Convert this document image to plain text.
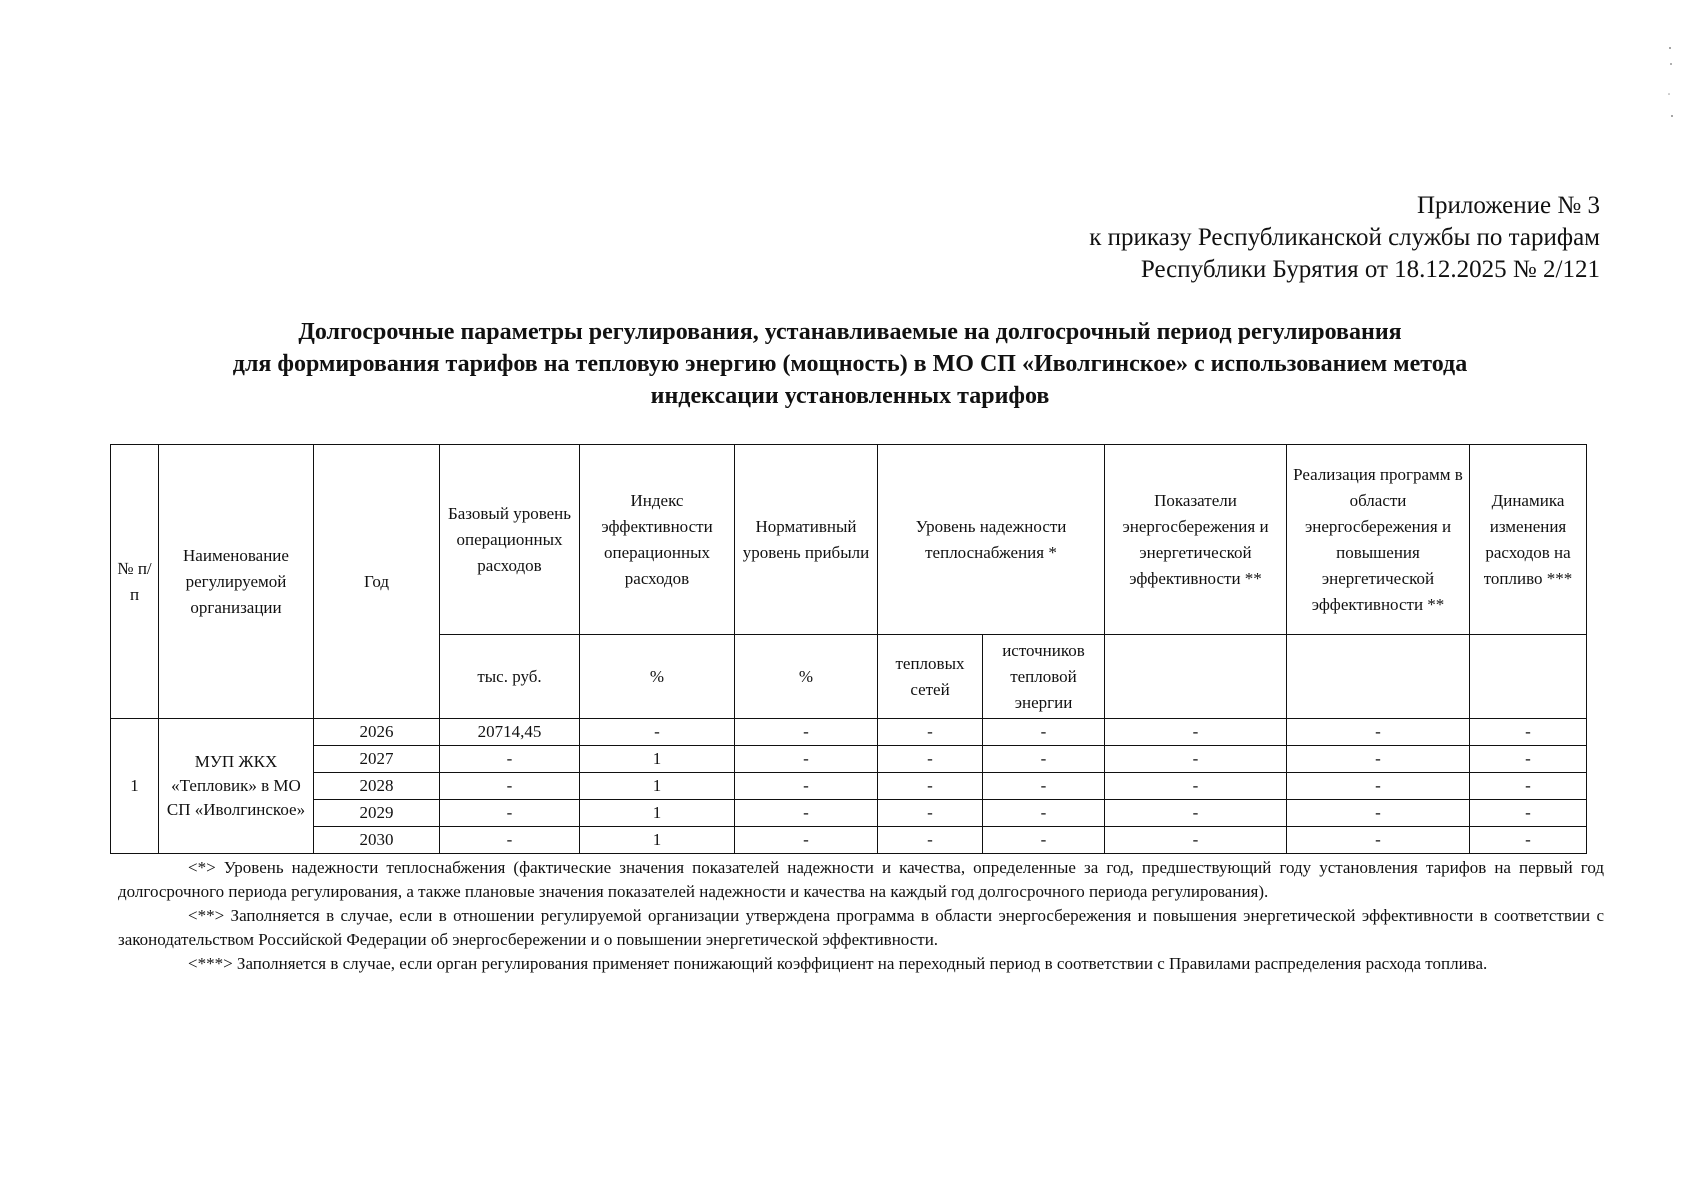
Приложение № 3
к приказу Республиканской службы по тарифам
Республики Бурятия от 18.12.2025 № 2/121
Долгосрочные параметры регулирования, устанавливаемые на долгосрочный период регулирования
для формирования тарифов на тепловую энергию (мощность) в МО СП «Иволгинское» с использованием метода
индексации установленных тарифов
№ п/п	Наименование регулируемой организации	Год	Базовый уровень операционных расходов	Индекс эффективности операционных расходов	Нормативный уровень прибыли	Уровень надежности теплоснабжения *		Показатели энергосбережения и энергетической эффективности **	Реализация программ в области энергосбережения и повышения энергетической эффективности **	Динамика изменения расходов на топливо ***
			тыс. руб.	%	%	тепловых сетей	источников тепловой энергии			
1	МУП ЖКХ «Тепловик» в МО СП «Иволгинское»	2026	20714,45	-	-	-	-	-	-	-
		2027	-	1	-	-	-	-	-	-
		2028	-	1	-	-	-	-	-	-
		2029	-	1	-	-	-	-	-	-
		2030	-	1	-	-	-	-	-	-

<*> Уровень надежности теплоснабжения (фактические значения показателей надежности и качества, определенные за год, предшествующий году установления тарифов на первый год долгосрочного периода регулирования, а также плановые значения показателей надежности и качества на каждый год долгосрочного периода регулирования).

<**> Заполняется в случае, если в отношении регулируемой организации утверждена программа в области энергосбережения и повышения энергетической эффективности в соответствии с законодательством Российской Федерации об энергосбережении и о повышении энергетической эффективности.

<***> Заполняется в случае, если орган регулирования применяет понижающий коэффициент на переходный период в соответствии с Правилами распределения расхода топлива.
